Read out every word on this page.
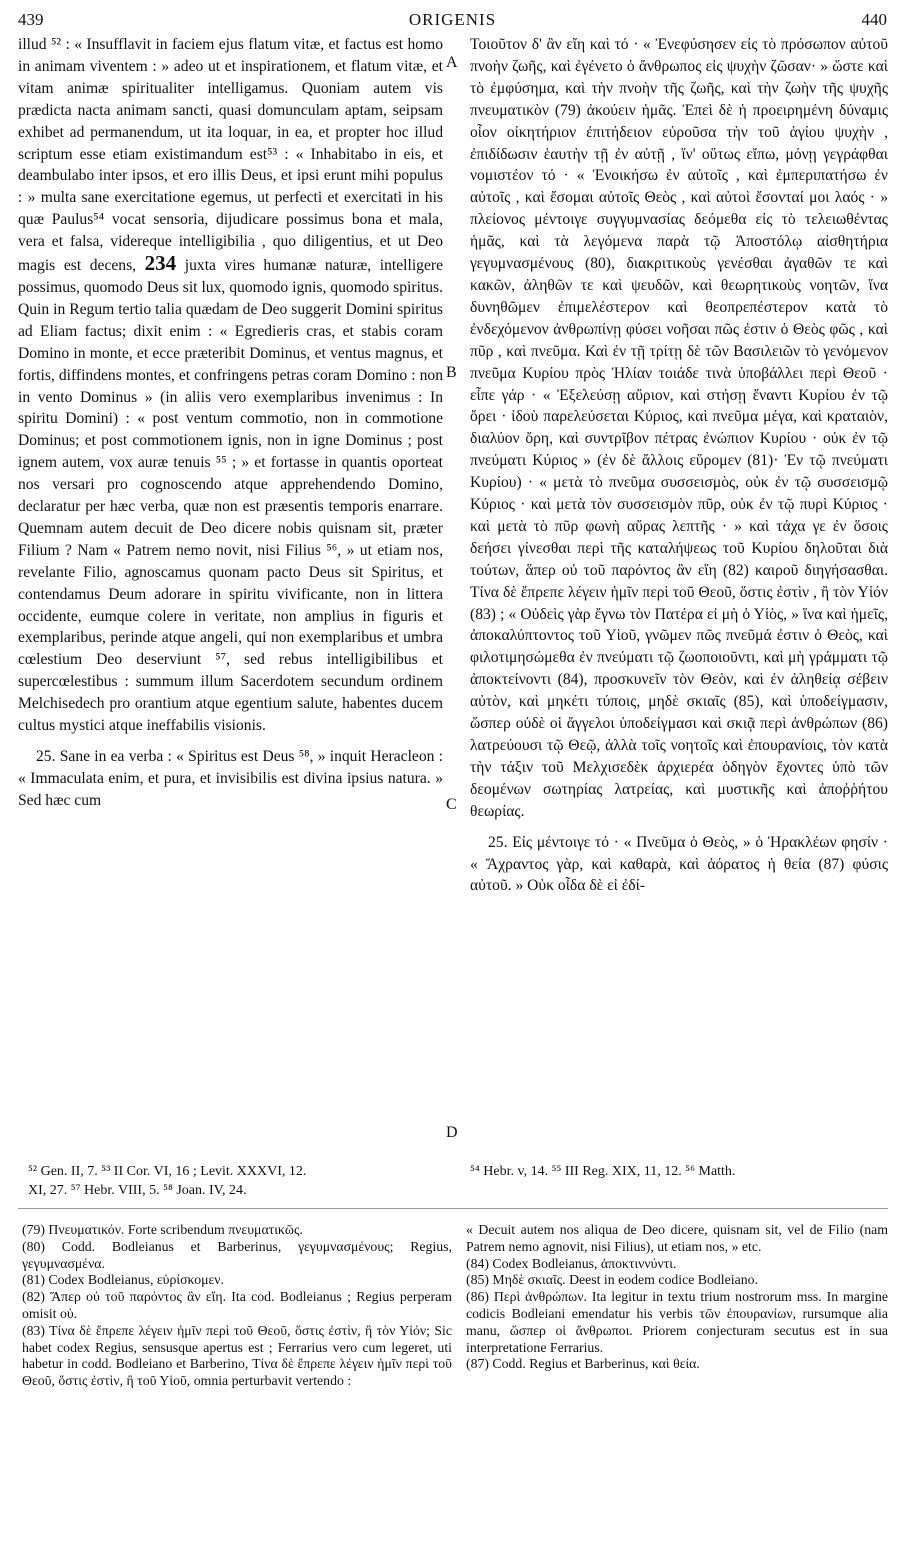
439	ORIGENIS	440

illud ⁵² : « Insufflavit in faciem ejus flatum vitæ, et factus est homo in animam viventem : » adeo ut et inspirationem, et flatum vitæ, et vitam animæ spiritualiter intelligamus. Quoniam autem vis prædicta nacta animam sancti, quasi domunculam aptam, seipsam exhibet ad permanendum, ut ita loquar, in ea, et propter hoc illud scriptum esse etiam existimandum est⁵³ : « Inhabitabo in eis, et deambulabo inter ipsos, et ero illis Deus, et ipsi erunt mihi populus : » multa sane exercitatione egemus, ut perfecti et exercitati in his quæ Paulus⁵⁴ vocat sensoria, dijudicare possimus bona et mala, vera et falsa, videreque intelligibilia , quo diligentius, et ut Deo magis est decens, 234 juxta vires humanæ naturæ, intelligere possimus, quomodo Deus sit lux, quomodo ignis, quomodo spiritus. Quin in Regum tertio talia quædam de Deo suggerit Domini spiritus ad Eliam factus; dixit enim : « Egredieris cras, et stabis coram Domino in monte, et ecce præteribit Dominus, et ventus magnus, et fortis, diffindens montes, et confringens petras coram Domino : non in vento Dominus » (in aliis vero exemplaribus invenimus : In spiritu Domini) : « post ventum commotio, non in commotione Dominus; et post commotionem ignis, non in igne Dominus ; post ignem autem, vox auræ tenuis ⁵⁵ ; » et fortasse in quantis oporteat nos versari pro cognoscendo atque apprehendendo Domino, declaratur per hæc verba, quæ non est præsentis temporis enarrare. Quemnam autem decuit de Deo dicere nobis quisnam sit, præter Filium ? Nam « Patrem nemo novit, nisi Filius ⁵⁶, » ut etiam nos, revelante Filio, agnoscamus quonam pacto Deus sit Spiritus, et contendamus Deum adorare in spiritu vivificante, non in littera occidente, eumque colere in veritate, non amplius in figuris et exemplaribus, perinde atque angeli, qui non exemplaribus et umbra cœlestium Deo deserviunt ⁵⁷, sed rebus intelligibilibus et supercœlestibus : summum illum Sacerdotem secundum ordinem Melchisedech pro orantium atque egentium salute, habentes ducem cultus mystici atque ineffabilis visionis.

25. Sane in ea verba : « Spiritus est Deus ⁵⁸, » inquit Heracleon : « Immaculata enim, et pura, et invisibilis est divina ipsius natura. » Sed hæc cum

A
B
C
D

Τοιοῦτον δ' ἂν εἴη καὶ τό · « Ἐνεφύσησεν εἰς τὸ πρόσωπον αὐτοῦ πνοὴν ζωῆς, καὶ ἐγένετο ὁ ἄνθρωπος εἰς ψυχὴν ζῶσαν· » ὥστε καὶ τὸ ἐμφύσημα, καὶ τὴν πνοὴν τῆς ζωῆς, καὶ τὴν ζωὴν τῆς ψυχῆς πνευματικὸν (79) ἀκούειν ἡμᾶς. Ἐπεὶ δὲ ἡ προειρημένη δύναμις οἷον οἰκητήριον ἐπιτήδειον εὑροῦσα τὴν τοῦ ἁγίου ψυχὴν , ἐπιδίδωσιν ἑαυτὴν τῇ ἐν αὐτῇ , ἵν' οὕτως εἴπω, μόνῃ γεγράφθαι νομιστέον τό · « Ἐνοικήσω ἐν αὐτοῖς , καὶ ἐμπεριπατήσω ἐν αὐτοῖς , καὶ ἔσομαι αὐτοῖς Θεὸς , καὶ αὐτοὶ ἔσονταί μοι λαός · » πλείονος μέντοιγε συγγυμνασίας δεόμεθα εἰς τὸ τελειωθέντας ἡμᾶς, καὶ τὰ λεγόμενα παρὰ τῷ Ἀποστόλῳ αἰσθητήρια γεγυμνασμένους (80), διακριτικοὺς γενέσθαι ἀγαθῶν τε καὶ κακῶν, ἀληθῶν τε καὶ ψευδῶν, καὶ θεωρητικοὺς νοητῶν, ἵνα δυνηθῶμεν ἐπιμελέστερον καὶ θεοπρεπέστερον κατὰ τὸ ἐνδεχόμενον ἀνθρωπίνῃ φύσει νοῆσαι πῶς ἐστιν ὁ Θεὸς φῶς , καὶ πῦρ , καὶ πνεῦμα. Καὶ ἐν τῇ τρίτῃ δὲ τῶν Βασιλειῶν τὸ γενόμενον πνεῦμα Κυρίου πρὸς Ἠλίαν τοιάδε τινὰ ὑποβάλλει περὶ Θεοῦ · εἶπε γάρ · « Ἐξελεύσῃ αὔριον, καὶ στήσῃ ἔναντι Κυρίου ἐν τῷ ὄρει · ἰδοὺ παρελεύσεται Κύριος, καὶ πνεῦμα μέγα, καὶ κραταιὸν, διαλύον ὄρη, καὶ συντρῖβον πέτρας ἐνώπιον Κυρίου · οὐκ ἐν τῷ πνεύματι Κύριος » (ἐν δὲ ἄλλοις εὕρομεν (81)· Ἐν τῷ πνεύματι Κυρίου) · « μετὰ τὸ πνεῦμα συσσεισμὸς, οὐκ ἐν τῷ συσσεισμῷ Κύριος · καὶ μετὰ τὸν συσσεισμὸν πῦρ, οὐκ ἐν τῷ πυρὶ Κύριος · καὶ μετὰ τὸ πῦρ φωνὴ αὔρας λεπτῆς · » καὶ τάχα γε ἐν ὅσοις δεήσει γίνεσθαι περὶ τῆς καταλήψεως τοῦ Κυρίου δηλοῦται διὰ τούτων, ἅπερ οὐ τοῦ παρόντος ἂν εἴη (82) καιροῦ διηγήσασθαι. Τίνα δὲ ἔπρεπε λέγειν ἡμῖν περὶ τοῦ Θεοῦ, ὅστις ἐστὶν , ἢ τὸν Υἱόν (83) ; « Οὐδεὶς γὰρ ἔγνω τὸν Πατέρα εἰ μὴ ὁ Υἱὸς, » ἵνα καὶ ἡμεῖς, ἀποκαλύπτοντος τοῦ Υἱοῦ, γνῶμεν πῶς πνεῦμά ἐστιν ὁ Θεὸς, καὶ φιλοτιμησώμεθα ἐν πνεύματι τῷ ζωοποιοῦντι, καὶ μὴ γράμματι τῷ ἀποκτείνοντι (84), προσκυνεῖν τὸν Θεὸν, καὶ ἐν ἀληθείᾳ σέβειν αὐτὸν, καὶ μηκέτι τύποις, μηδὲ σκιαῖς (85), καὶ ὑποδείγμασιν, ὥσπερ οὐδὲ οἱ ἄγγελοι ὑποδείγμασι καὶ σκιᾷ περὶ ἀνθρώπων (86) λατρεύουσι τῷ Θεῷ, ἀλλὰ τοῖς νοητοῖς καὶ ἐπουρανίοις, τὸν κατὰ τὴν τάξιν τοῦ Μελχισεδὲκ ἀρχιερέα ὁδηγὸν ἔχοντες ὑπὸ τῶν δεομένων σωτηρίας λατρείας, καὶ μυστικῆς καὶ ἀποῤῥήτου θεωρίας.

25. Εἰς μέντοιγε τό · « Πνεῦμα ὁ Θεὸς, » ὁ Ἡρακλέων φησίν · « Ἄχραντος γὰρ, καὶ καθαρὰ, καὶ ἀόρατος ἡ θεία (87) φύσις αὐτοῦ. » Οὐκ οἶδα δὲ εἰ ἐδί-

⁵² Gen. II, 7. ⁵³ II Cor. VI, 16 ; Levit. XXXVI, 12.
XI, 27. ⁵⁷ Hebr. VIII, 5. ⁵⁸ Joan. IV, 24.
⁵⁴ Hebr. v, 14. ⁵⁵ III Reg. XIX, 11, 12. ⁵⁶ Matth.

(79) Πνευματικόν. Forte scribendum πνευματικῶς.

(80) Codd. Bodleianus et Barberinus, γεγυμνασμένους; Regius, γεγυμνασμένα.

(81) Codex Bodleianus, εὑρίσκομεν.

(82) Ἅπερ οὐ τοῦ παρόντος ἂν εἴη. Ita cod. Bodleianus ; Regius perperam omisit οὐ.

(83) Τίνα δὲ ἔπρεπε λέγειν ἡμῖν περὶ τοῦ Θεοῦ, ὅστις ἐστὶν, ἢ τὸν Υἱόν; Sic habet codex Regius, sensusque apertus est ; Ferrarius vero cum legeret, uti habetur in codd. Bodleiano et Barberino, Τίνα δὲ ἔπρεπε λέγειν ἡμῖν περὶ τοῦ Θεοῦ, ὅστις ἐστὶν, ἢ τοῦ Υἱοῦ, omnia perturbavit vertendo :

« Decuit autem nos aliqua de Deo dicere, quisnam sit, vel de Filio (nam Patrem nemo agnovit, nisi Filius), ut etiam nos, » etc.

(84) Codex Bodleianus, ἀποκτιννύντι.

(85) Μηδὲ σκιαῖς. Deest in eodem codice Bodleiano.

(86) Περὶ ἀνθρώπων. Ita legitur in textu trium nostrorum mss. In margine codicis Bodleiani emendatur his verbis τῶν ἐπουρανίων, rursumque alia manu, ὥσπερ οἱ ἄνθρωποι. Priorem conjecturam secutus est in sua interpretatione Ferrarius.

(87) Codd. Regius et Barberinus, καὶ θεία.
